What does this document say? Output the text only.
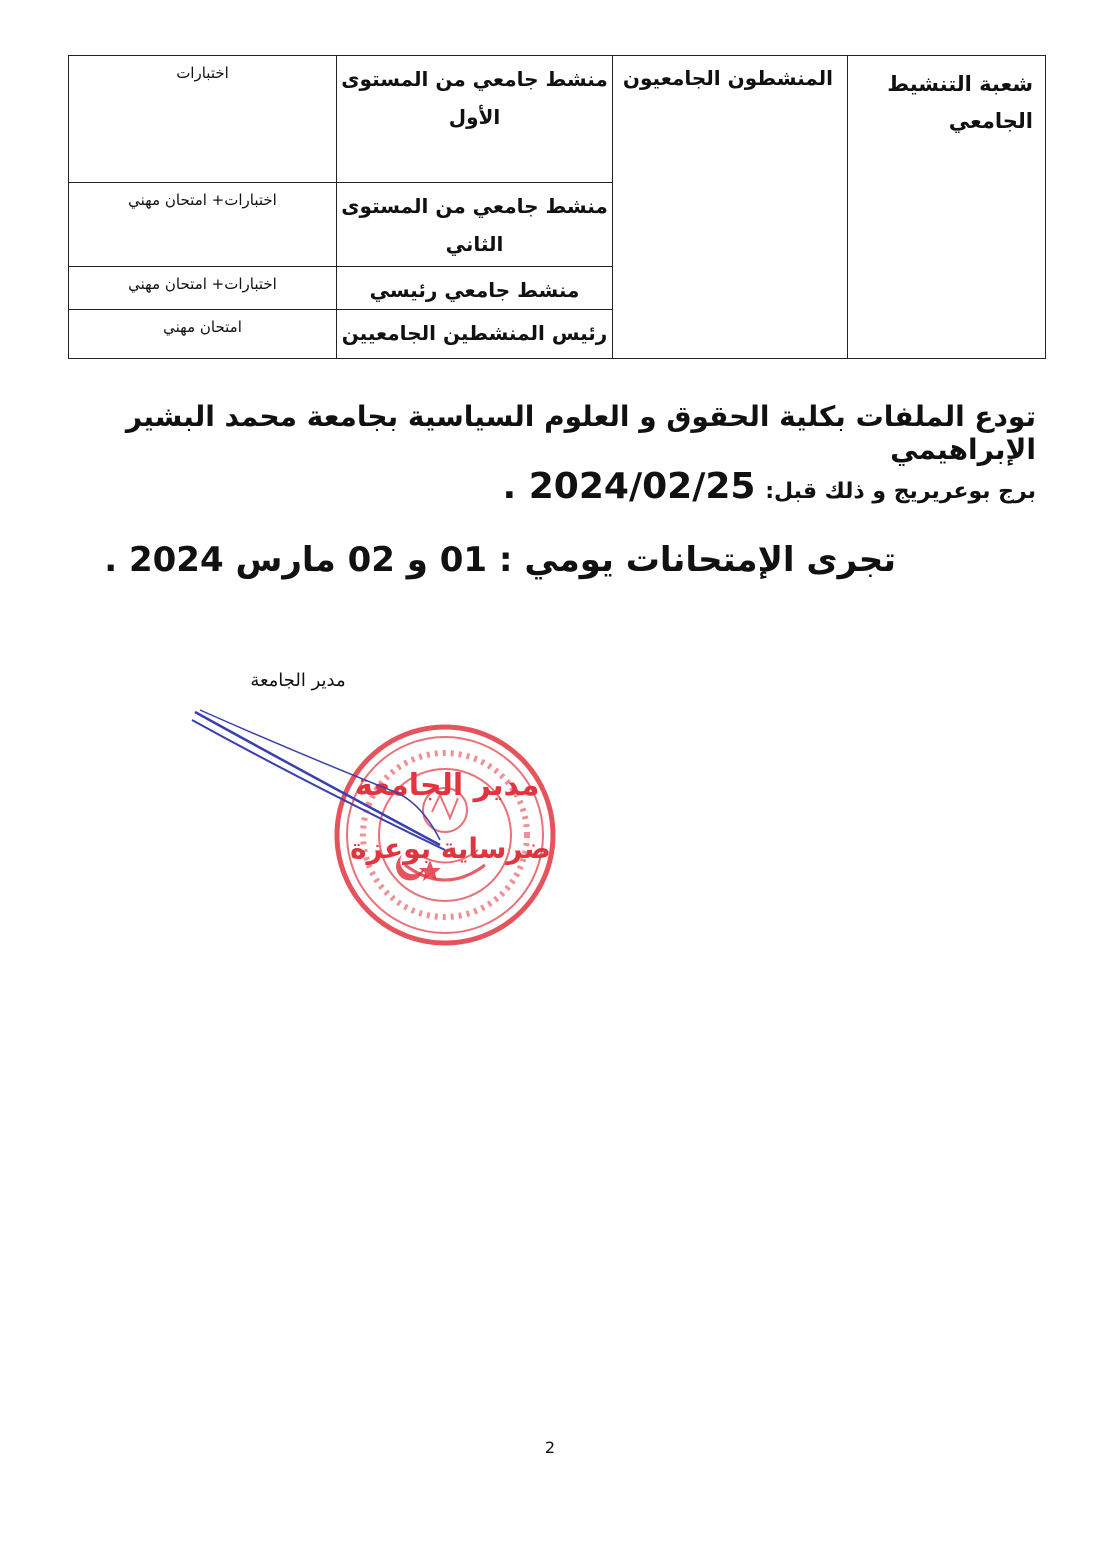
شعبة التنشيط الجامعي	المنشطون الجامعيون	منشط جامعي من المستوى الأول	اختبارات
		منشط جامعي من المستوى الثاني	اختبارات+ امتحان مهني
		منشط جامعي رئيسي	اختبارات+ امتحان مهني
		رئيس المنشطين الجامعيين	امتحان مهني
تودع الملفات بكلية الحقوق و العلوم السياسية بجامعة محمد البشير الإبراهيمي
برج بوعريريج و ذلك قبل: 2024/02/25 .
تجرى الإمتحانات يومي : 01 و 02 مارس 2024 .
مدير الجامعة
مدير الجامعة
ضرساية بوعزة
2
